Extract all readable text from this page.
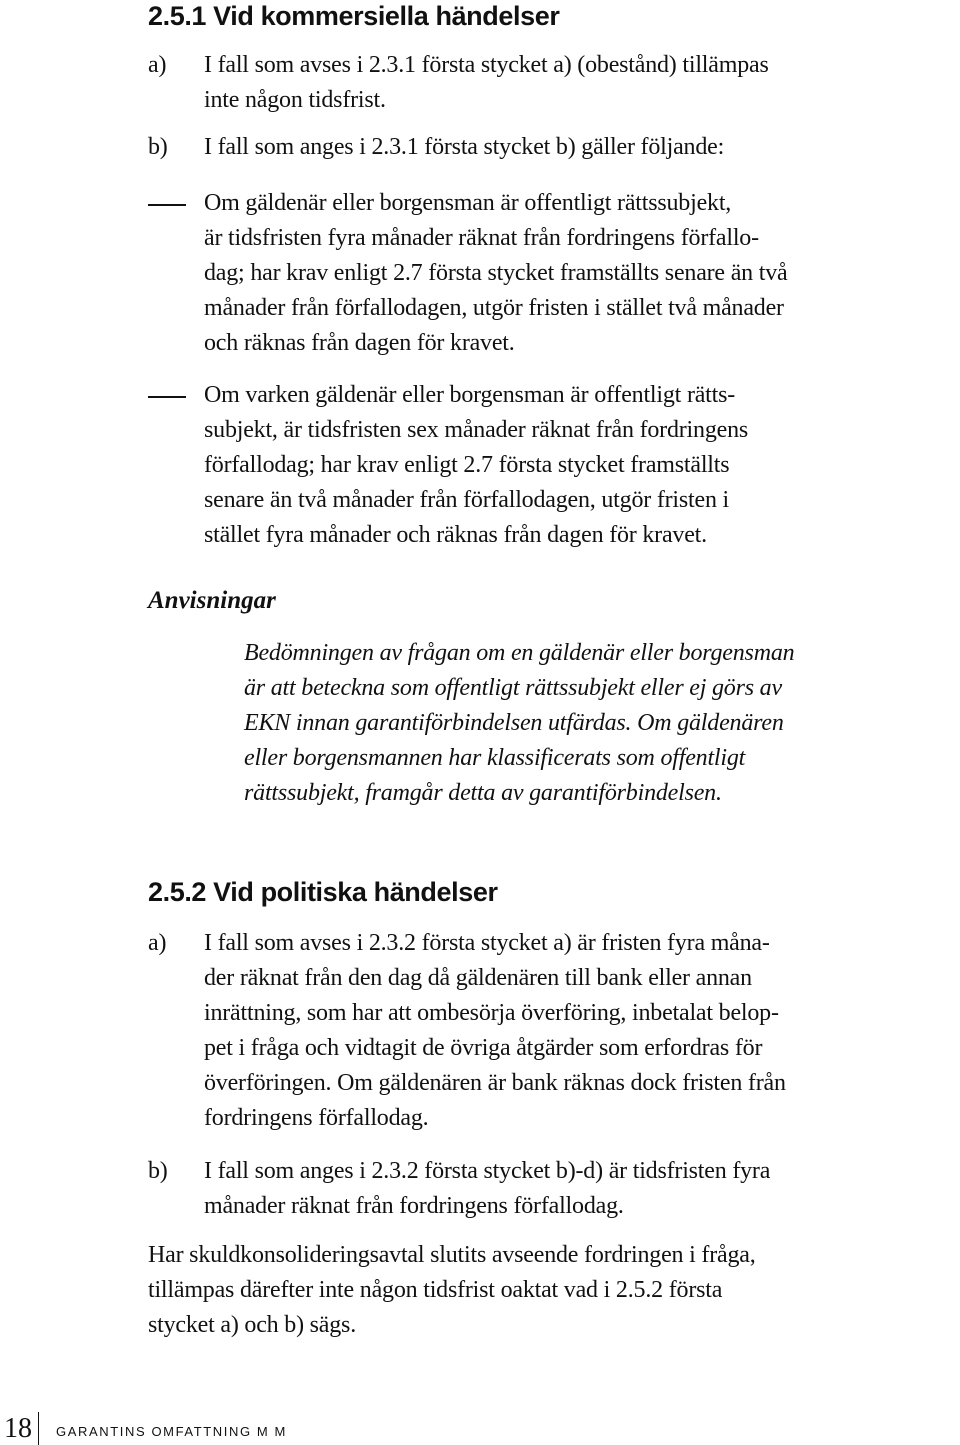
2.5.1 Vid kommersiella händelser
a) I fall som avses i 2.3.1 första stycket a) (obestånd) tillämpas
inte någon tidsfrist.

b) I fall som anges i 2.3.1 första stycket b) gäller följande:

Om gäldenär eller borgensman är offentligt rättssubjekt,
är tidsfristen fyra månader räknat från fordringens förfallo-
dag; har krav enligt 2.7 första stycket framställts senare än två
månader från förfallodagen, utgör fristen i stället två månader
och räknas från dagen för kravet.

Om varken gäldenär eller borgensman är offentligt rätts-
subjekt, är tidsfristen sex månader räknat från fordringens
förfallodag; har krav enligt 2.7 första stycket framställts
senare än två månader från förfallodagen, utgör fristen i
stället fyra månader och räknas från dagen för kravet.

Anvisningar

Bedömningen av frågan om en gäldenär eller borgensman
är att beteckna som offentligt rättssubjekt eller ej görs av
EKN innan garantiförbindelsen utfärdas. Om gäldenären
eller borgensmannen har klassificerats som offentligt
rättssubjekt, framgår detta av garantiförbindelsen.

2.5.2 Vid politiska händelser
a) I fall som avses i 2.3.2 första stycket a) är fristen fyra måna-
der räknat från den dag då gäldenären till bank eller annan
inrättning, som har att ombesörja överföring, inbetalat belop-
pet i fråga och vidtagit de övriga åtgärder som erfordras för
överföringen. Om gäldenären är bank räknas dock fristen från
fordringens förfallodag.

b) I fall som anges i 2.3.2 första stycket b)-d) är tidsfristen fyra
månader räknat från fordringens förfallodag.

Har skuldkonsolideringsavtal slutits avseende fordringen i fråga,
tillämpas därefter inte någon tidsfrist oaktat vad i 2.5.2 första
stycket a) och b) sägs.

18 GARANTINS OMFATTNING M M
